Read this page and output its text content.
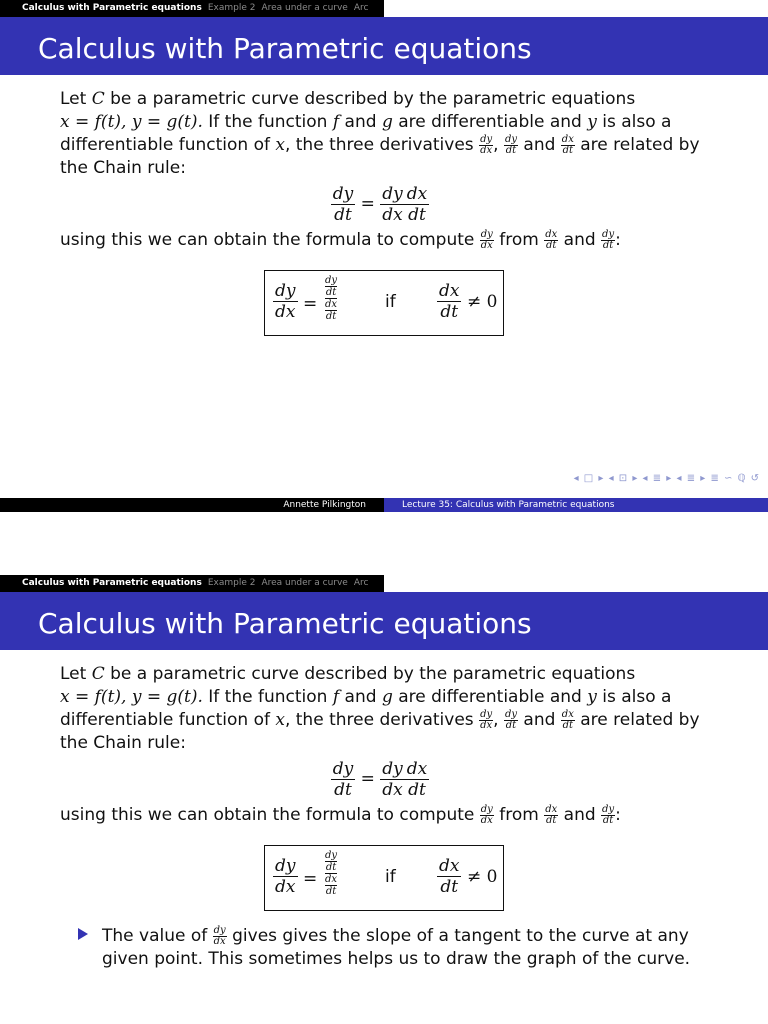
Calculus with Parametric equations Example 2 Area under a curve Arc
Calculus with Parametric equations

Let C be a parametric curve described by the parametric equations
x = f(t), y = g(t). If the function f and g are differentiable and y is also a
differentiable function of x, the three derivatives $\frac{dy}{dx}$ , $\frac{dy}{dt}$ and $\frac{dx}{dt}$ are related by
the Chain rule:

$\frac{dy}{dt} = \frac{dy}{dx} \frac{dx}{dt}$

using this we can obtain the formula to compute $\frac{dy}{dx}$ from $\frac{dx}{dt}$ and $\frac{dy}{dt}$ :

dy
dx =
dy
dt
dx
dt
if
dx
dt ≠ 0
Annette Pilkington	Lecture 35: Calculus with Parametric equations
◂ □ ▸ ◂ ⊡ ▸ ◂ ≣ ▸ ◂ ≣ ▸ ≣ ∽ ℚ ↺
Calculus with Parametric equations Example 2 Area under a curve Arc
Calculus with Parametric equations

Let C be a parametric curve described by the parametric equations
x = f(t), y = g(t). If the function f and g are differentiable and y is also a
differentiable function of x, the three derivatives $\frac{dy}{dx}$ , $\frac{dy}{dt}$ and $\frac{dx}{dt}$ are related by
the Chain rule:

$\frac{dy}{dt} = \frac{dy}{dx} \frac{dx}{dt}$

using this we can obtain the formula to compute $\frac{dy}{dx}$ from $\frac{dx}{dt}$ and $\frac{dy}{dt}$ :

dy
dx =
dy
dt
dx
dt
if
dx
dt ≠ 0
The value of $\frac{dy}{dx}$ gives gives the slope of a tangent to the curve at any given point. This sometimes helps us to draw the graph of the curve.
